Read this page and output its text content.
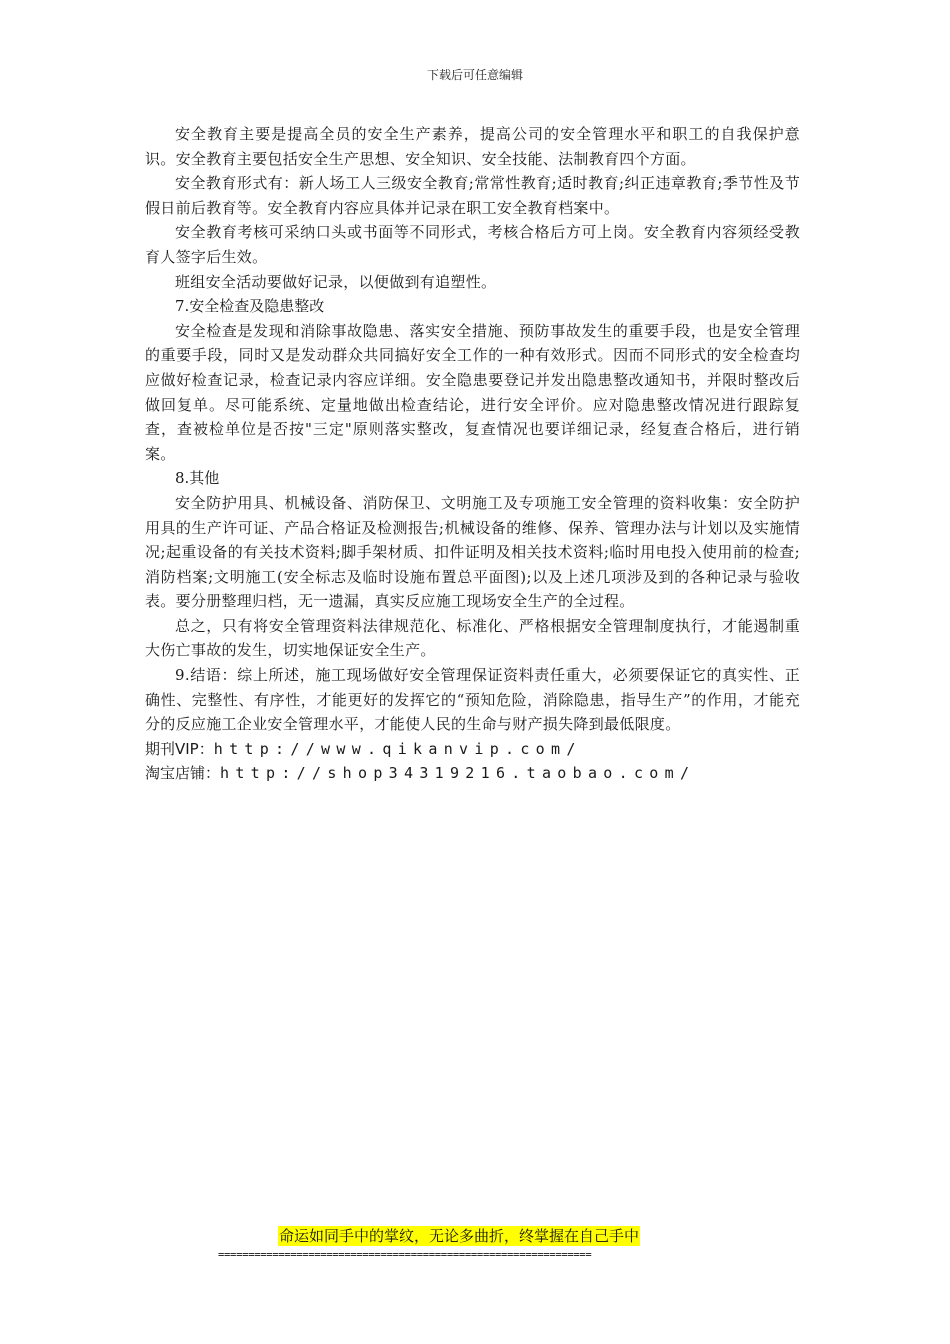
下载后可任意编辑

安全教育主要是提高全员的安全生产素养，提高公司的安全管理水平和职工的自我保护意识。安全教育主要包括安全生产思想、安全知识、安全技能、法制教育四个方面。

安全教育形式有：新人场工人三级安全教育;常常性教育;适时教育;纠正违章教育;季节性及节假日前后教育等。安全教育内容应具体并记录在职工安全教育档案中。

安全教育考核可采纳口头或书面等不同形式，考核合格后方可上岗。安全教育内容须经受教育人签字后生效。

班组安全活动要做好记录，以便做到有追塑性。

7.安全检查及隐患整改

安全检查是发现和消除事故隐患、落实安全措施、预防事故发生的重要手段，也是安全管理的重要手段，同时又是发动群众共同搞好安全工作的一种有效形式。因而不同形式的安全检查均应做好检查记录，检查记录内容应详细。安全隐患要登记并发出隐患整改通知书，并限时整改后做回复单。尽可能系统、定量地做出检查结论，进行安全评价。应对隐患整改情况进行跟踪复查，查被检单位是否按"三定"原则落实整改，复查情况也要详细记录，经复查合格后，进行销案。

8.其他

安全防护用具、机械设备、消防保卫、文明施工及专项施工安全管理的资料收集：安全防护用具的生产许可证、产品合格证及检测报告;机械设备的维修、保养、管理办法与计划以及实施情况;起重设备的有关技术资料;脚手架材质、扣件证明及相关技术资料;临时用电投入使用前的检查;消防档案;文明施工(安全标志及临时设施布置总平面图);以及上述几项涉及到的各种记录与验收表。要分册整理归档，无一遗漏，真实反应施工现场安全生产的全过程。

总之，只有将安全管理资料法律规范化、标准化、严格根据安全管理制度执行，才能遏制重大伤亡事故的发生，切实地保证安全生产。

9.结语：综上所述，施工现场做好安全管理保证资料责任重大，必须要保证它的真实性、正确性、完整性、有序性，才能更好的发挥它的“预知危险，消除隐患，指导生产”的作用，才能充分的反应施工企业安全管理水平，才能使人民的生命与财产损失降到最低限度。

期刊VIP：http://www.qikanvip.com/

淘宝店铺：http://shop34319216.taobao.com/

命运如同手中的掌纹，无论多曲折，终掌握在自己手中
==============================================================
